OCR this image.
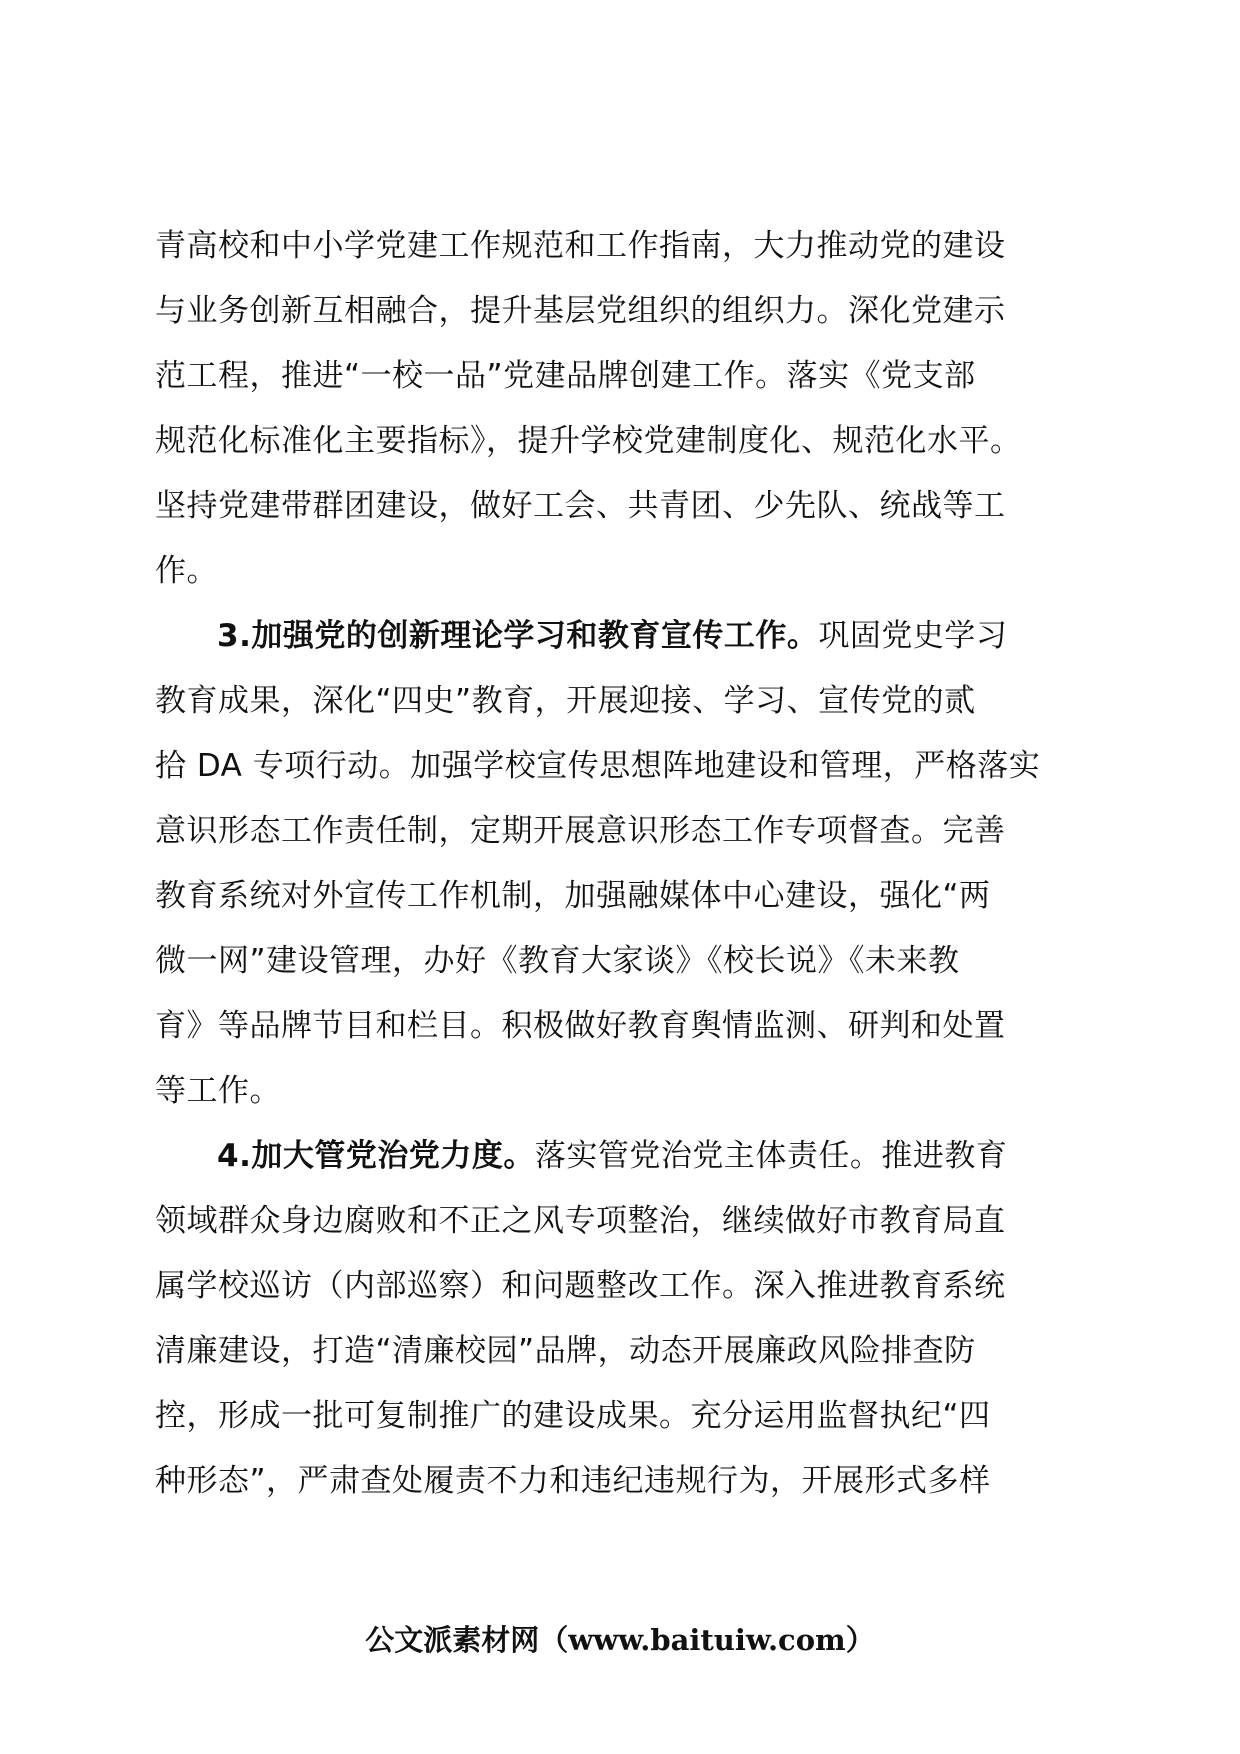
青高校和中小学党建工作规范和工作指南，大力推动党的建设
与业务创新互相融合，提升基层党组织的组织力。深化党建示
范工程，推进“一校一品”党建品牌创建工作。落实《党支部
规范化标准化主要指标》，提升学校党建制度化、规范化水平。
坚持党建带群团建设，做好工会、共青团、少先队、统战等工
作。
3.加强党的创新理论学习和教育宣传工作。巩固党史学习
教育成果，深化“四史”教育，开展迎接、学习、宣传党的贰
拾 DA 专项行动。加强学校宣传思想阵地建设和管理，严格落实
意识形态工作责任制，定期开展意识形态工作专项督查。完善
教育系统对外宣传工作机制，加强融媒体中心建设，强化“两
微一网”建设管理，办好《教育大家谈》《校长说》《未来教
育》等品牌节目和栏目。积极做好教育舆情监测、研判和处置
等工作。
4.加大管党治党力度。落实管党治党主体责任。推进教育
领域群众身边腐败和不正之风专项整治，继续做好市教育局直
属学校巡访（内部巡察）和问题整改工作。深入推进教育系统
清廉建设，打造“清廉校园”品牌，动态开展廉政风险排查防
控，形成一批可复制推广的建设成果。充分运用监督执纪“四
种形态”，严肃查处履责不力和违纪违规行为，开展形式多样
公文派素材网（www.baituiw.com）
